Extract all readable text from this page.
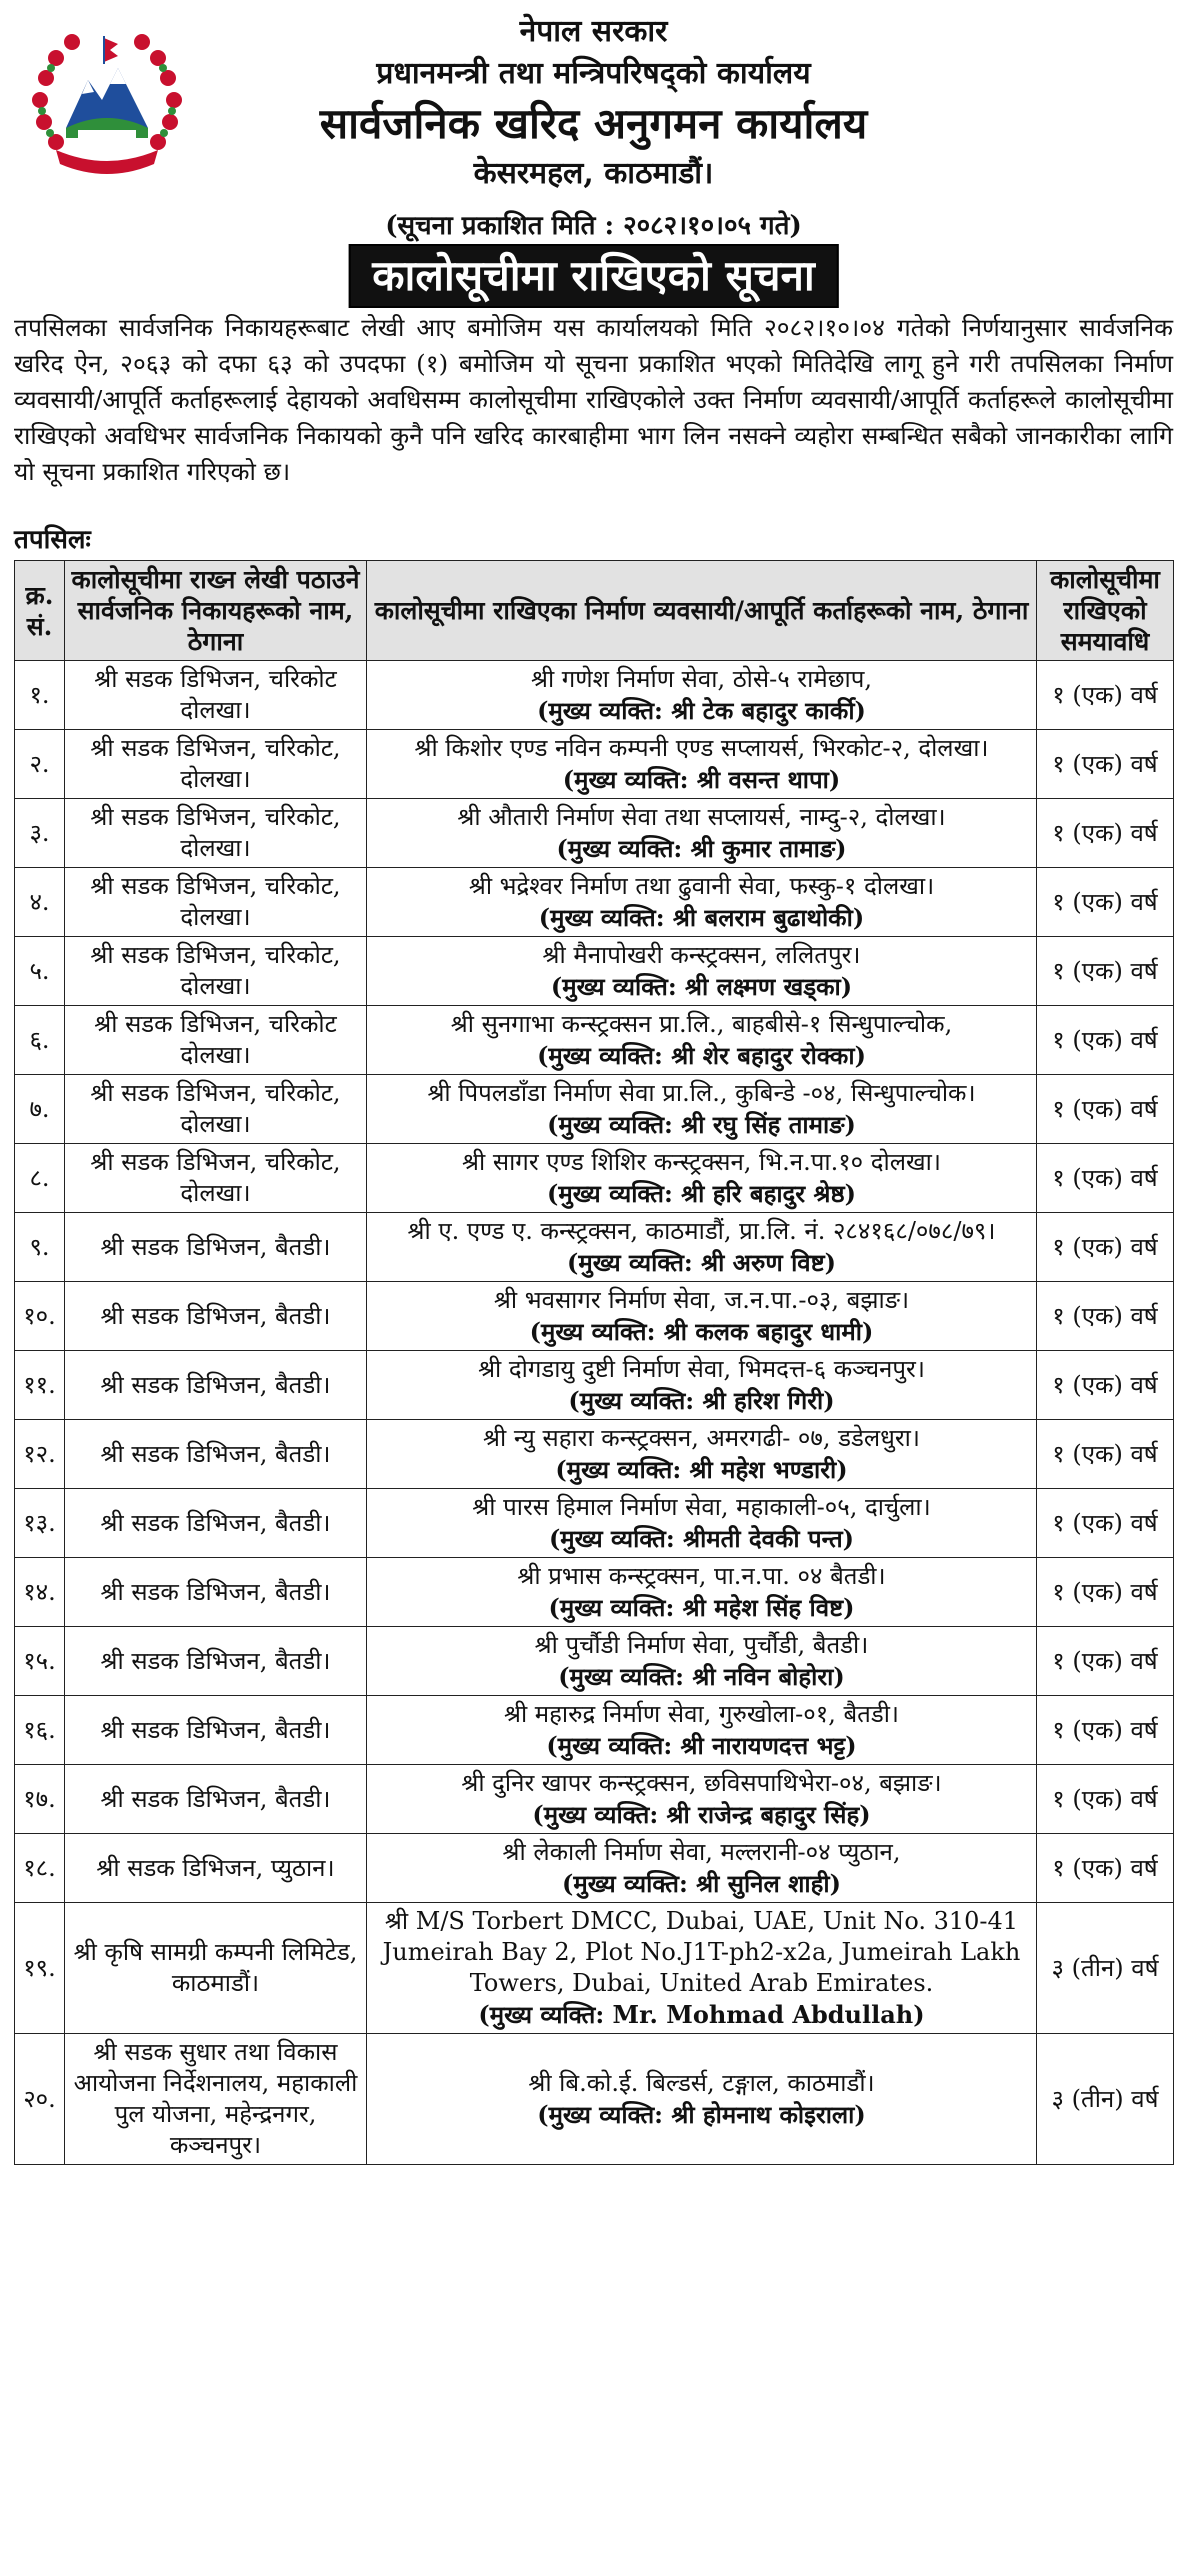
नेपाल सरकार
प्रधानमन्त्री तथा मन्त्रिपरिषद्को कार्यालय
सार्वजनिक खरिद अनुगमन कार्यालय
केसरमहल, काठमाडौं।
(सूचना प्रकाशित मिति : २०८२।१०।०५ गते)
कालोसूचीमा राखिएको सूचना

तपसिलका सार्वजनिक निकायहरूबाट लेखी आए बमोजिम यस कार्यालयको मिति २०८२।१०।०४ गतेको निर्णयानुसार सार्वजनिक खरिद ऐन, २०६३ को दफा ६३ को उपदफा (१) बमोजिम यो सूचना प्रकाशित भएको मितिदेखि लागू हुने गरी तपसिलका निर्माण व्यवसायी/आपूर्ति कर्ताहरूलाई देहायको अवधिसम्म कालोसूचीमा राखिएकोले उक्त निर्माण व्यवसायी/आपूर्ति कर्ताहरूले कालोसूचीमा राखिएको अवधिभर सार्वजनिक निकायको कुनै पनि खरिद कारबाहीमा भाग लिन नसक्ने व्यहोरा सम्बन्धित सबैको जानकारीका लागि यो सूचना प्रकाशित गरिएको छ।

तपसिलः
क्र. सं.	कालोसूचीमा राख्न लेखी पठाउने सार्वजनिक निकायहरूको नाम, ठेगाना	कालोसूचीमा राखिएका निर्माण व्यवसायी/आपूर्ति कर्ताहरूको नाम, ठेगाना	कालोसूचीमा राखिएको समयावधि
१.	श्री सडक डिभिजन, चरिकोट दोलखा।	श्री गणेश निर्माण सेवा, ठोसे-५ रामेछाप,
(मुख्य व्यक्ति: श्री टेक बहादुर कार्की)	१ (एक) वर्ष
२.	श्री सडक डिभिजन, चरिकोट, दोलखा।	श्री किशोर एण्ड नविन कम्पनी एण्ड सप्लायर्स, भिरकोट-२, दोलखा।
(मुख्य व्यक्ति: श्री वसन्त थापा)	१ (एक) वर्ष
३.	श्री सडक डिभिजन, चरिकोट, दोलखा।	श्री औतारी निर्माण सेवा तथा सप्लायर्स, नाम्दु-२, दोलखा।
(मुख्य व्यक्ति: श्री कुमार तामाङ)	१ (एक) वर्ष
४.	श्री सडक डिभिजन, चरिकोट, दोलखा।	श्री भद्रेश्वर निर्माण तथा ढुवानी सेवा, फस्कु-१ दोलखा।
(मुख्य व्यक्ति: श्री बलराम बुढाथोकी)	१ (एक) वर्ष
५.	श्री सडक डिभिजन, चरिकोट, दोलखा।	श्री मैनापोखरी कन्स्ट्रक्सन, ललितपुर।
(मुख्य व्यक्ति: श्री लक्ष्मण खड्का)	१ (एक) वर्ष
६.	श्री सडक डिभिजन, चरिकोट दोलखा।	श्री सुनगाभा कन्स्ट्रक्सन प्रा.लि., बाहबीसे-१ सिन्धुपाल्चोक,
(मुख्य व्यक्ति: श्री शेर बहादुर रोक्का)	१ (एक) वर्ष
७.	श्री सडक डिभिजन, चरिकोट, दोलखा।	श्री पिपलडाँडा निर्माण सेवा प्रा.लि., कुबिन्डे -०४, सिन्धुपाल्चोक।
(मुख्य व्यक्ति: श्री रघु सिंह तामाङ)	१ (एक) वर्ष
८.	श्री सडक डिभिजन, चरिकोट, दोलखा।	श्री सागर एण्ड शिशिर कन्स्ट्रक्सन, भि.न.पा.१० दोलखा।
(मुख्य व्यक्ति: श्री हरि बहादुर श्रेष्ठ)	१ (एक) वर्ष
९.	श्री सडक डिभिजन, बैतडी।	श्री ए. एण्ड ए. कन्स्ट्रक्सन, काठमाडौं, प्रा.लि. नं. २८४१६८/०७८/७९।
(मुख्य व्यक्ति: श्री अरुण विष्ट)	१ (एक) वर्ष
१०.	श्री सडक डिभिजन, बैतडी।	श्री भवसागर निर्माण सेवा, ज.न.पा.-०३, बझाङ।
(मुख्य व्यक्ति: श्री कलक बहादुर धामी)	१ (एक) वर्ष
११.	श्री सडक डिभिजन, बैतडी।	श्री दोगडायु दुष्टी निर्माण सेवा, भिमदत्त-६ कञ्चनपुर।
(मुख्य व्यक्ति: श्री हरिश गिरी)	१ (एक) वर्ष
१२.	श्री सडक डिभिजन, बैतडी।	श्री न्यु सहारा कन्स्ट्रक्सन, अमरगढी- ०७, डडेलधुरा।
(मुख्य व्यक्ति: श्री महेश भण्डारी)	१ (एक) वर्ष
१३.	श्री सडक डिभिजन, बैतडी।	श्री पारस हिमाल निर्माण सेवा, महाकाली-०५, दार्चुला।
(मुख्य व्यक्ति: श्रीमती देवकी पन्त)	१ (एक) वर्ष
१४.	श्री सडक डिभिजन, बैतडी।	श्री प्रभास कन्स्ट्रक्सन, पा.न.पा. ०४ बैतडी।
(मुख्य व्यक्ति: श्री महेश सिंह विष्ट)	१ (एक) वर्ष
१५.	श्री सडक डिभिजन, बैतडी।	श्री पुर्चौडी निर्माण सेवा, पुर्चौडी, बैतडी।
(मुख्य व्यक्ति: श्री नविन बोहोरा)	१ (एक) वर्ष
१६.	श्री सडक डिभिजन, बैतडी।	श्री महारुद्र निर्माण सेवा, गुरुखोला-०१, बैतडी।
(मुख्य व्यक्ति: श्री नारायणदत्त भट्ट)	१ (एक) वर्ष
१७.	श्री सडक डिभिजन, बैतडी।	श्री दुनिर खापर कन्स्ट्रक्सन, छविसपाथिभेरा-०४, बझाङ।
(मुख्य व्यक्ति: श्री राजेन्द्र बहादुर सिंह)	१ (एक) वर्ष
१८.	श्री सडक डिभिजन, प्युठान।	श्री लेकाली निर्माण सेवा, मल्लरानी-०४ प्युठान,
(मुख्य व्यक्ति: श्री सुनिल शाही)	१ (एक) वर्ष
१९.	श्री कृषि सामग्री कम्पनी लिमिटेड, काठमाडौं।	श्री M/S Torbert DMCC, Dubai, UAE, Unit No. 310-41 Jumeirah Bay 2, Plot No.J1T-ph2-x2a, Jumeirah Lakh Towers, Dubai, United Arab Emirates.
(मुख्य व्यक्ति: Mr. Mohmad Abdullah)	३ (तीन) वर्ष
२०.	श्री सडक सुधार तथा विकास आयोजना निर्देशनालय, महाकाली पुल योजना, महेन्द्रनगर, कञ्चनपुर।	श्री बि.को.ई. बिल्डर्स, टङ्गाल, काठमाडौं।
(मुख्य व्यक्ति: श्री होमनाथ कोइराला)	३ (तीन) वर्ष
